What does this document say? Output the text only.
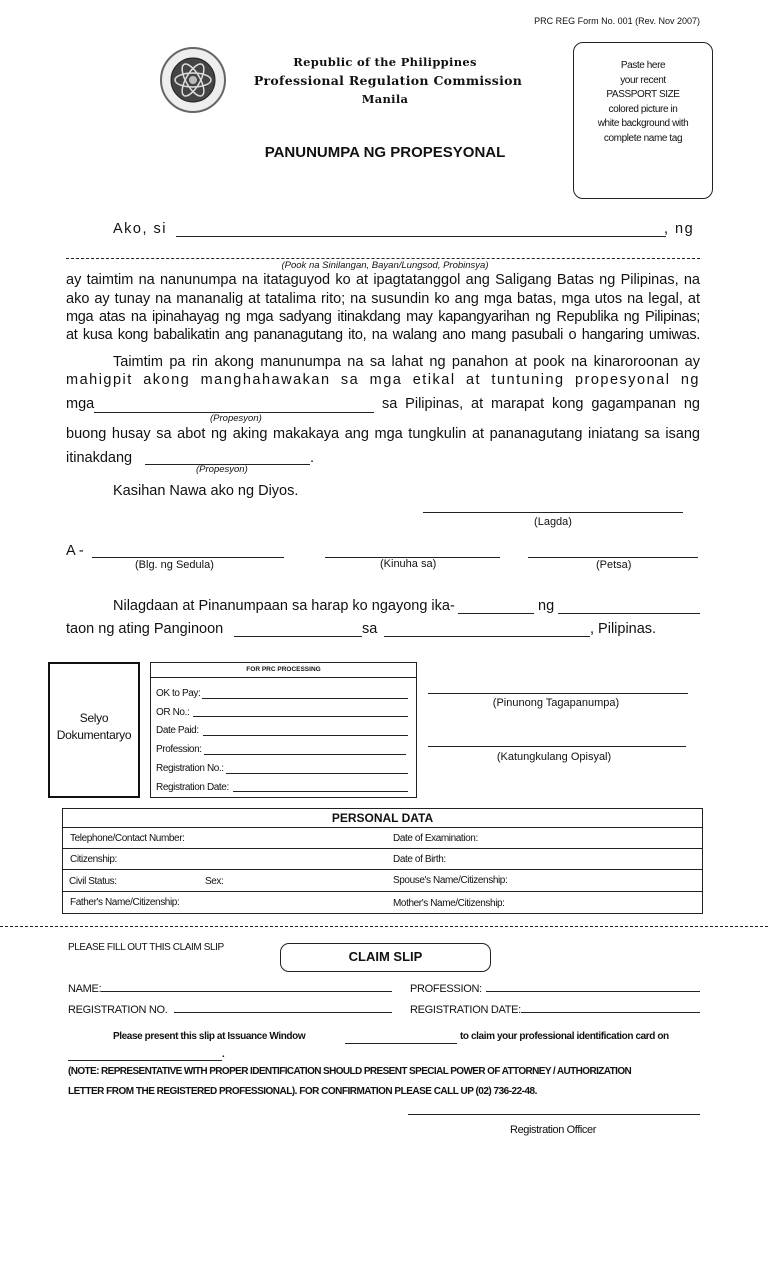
PRC REG Form No. 001 (Rev. Nov 2007)
Republic of the Philippines
Professional Regulation Commission
Manila
Paste here
your recent
PASSPORT SIZE
colored picture in
white background with
complete name tag
PANUNUMPA NG PROPESYONAL
Ako, si	, ng
(Pook na Sinilangan, Bayan/Lungsod, Probinsya)
ay taimtim na nanunumpa na itataguyod ko at ipagtatanggol ang Saligang Batas ng Pilipinas, na
ako ay tunay na mananalig at tatalima rito; na susundin ko ang mga batas, mga utos na legal, at
mga atas na ipinahayag ng mga sadyang itinakdang may kapangyarihan ng Republika ng Pilipinas;
at kusa kong babalikatin ang pananagutang ito, na walang ano mang pasubali o hangaring umiwas.
Taimtim pa rin akong manunumpa na sa lahat ng panahon at pook na kinaroroonan ay
mahigpit akong manghahawakan sa mga etikal at tuntuning propesyonal ng
mga	sa Pilipinas, at marapat kong gagampanan ng
(Propesyon)
buong husay sa abot ng aking makakaya ang mga tungkulin at pananagutang iniatang sa isang
itinakdang	.
(Propesyon)
Kasihan Nawa ako ng Diyos.
(Lagda)
A -
(Blg. ng Sedula)	(Kinuha sa)	(Petsa)
Nilagdaan at Pinanumpaan sa harap ko ngayong ika-	ng
taon ng ating Panginoon	sa	, Pilipinas.
Selyo
Dokumentaryo
FOR PRC PROCESSING
OK to Pay:
OR No.:
Date Paid:
Profession:
Registration No.:
Registration Date:
(Pinunong Tagapanumpa)
(Katungkulang Opisyal)
PERSONAL DATA
Telephone/Contact Number:	Date of Examination:
Citizenship:	Date of Birth:
Civil Status:	Sex:	Spouse's Name/Citizenship:
Father's Name/Citizenship:	Mother's Name/Citizenship:
PLEASE FILL OUT THIS CLAIM SLIP
CLAIM SLIP
NAME:	PROFESSION:
REGISTRATION NO.	REGISTRATION DATE:
Please present this slip at Issuance Window	to claim your professional identification card on
.
(NOTE: REPRESENTATIVE WITH PROPER IDENTIFICATION SHOULD PRESENT SPECIAL POWER OF ATTORNEY / AUTHORIZATION
LETTER FROM THE REGISTERED PROFESSIONAL). FOR CONFIRMATION PLEASE CALL UP (02) 736-22-48.
Registration Officer
